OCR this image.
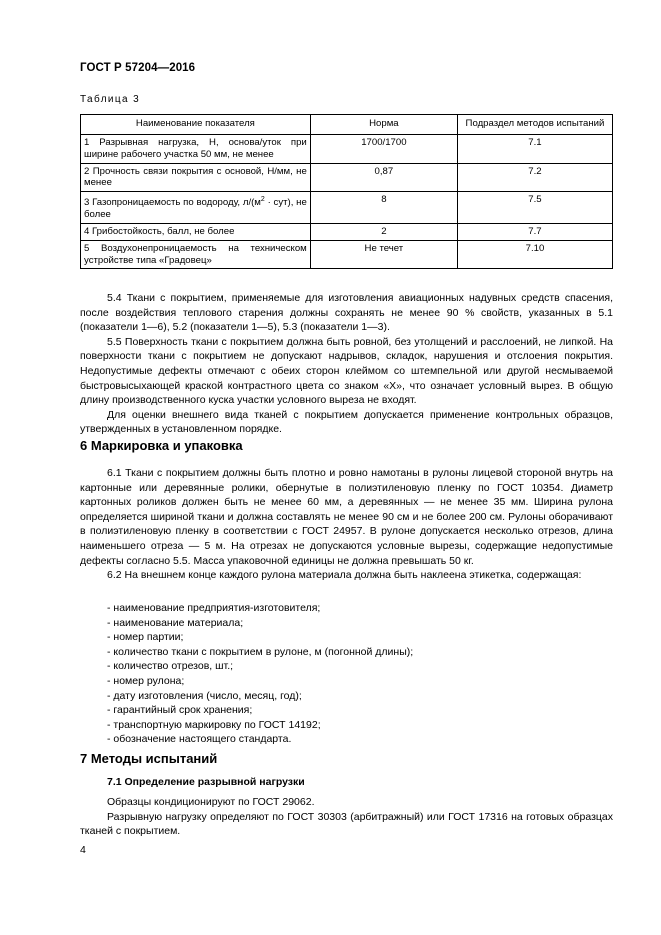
ГОСТ Р 57204—2016
Таблица 3
Наименование показателя	Норма	Подраздел методов испытаний
1 Разрывная нагрузка, Н, основа/уток при ширине рабочего участка 50 мм, не менее	1700/1700	7.1
2 Прочность связи покрытия с основой, Н/мм, не менее	0,87	7.2
3 Газопроницаемость по водороду, $л/(м^2 \cdot сут)$, не более	8	7.5
4 Грибостойкость, балл, не более	2	7.7
5 Воздухонепроницаемость на техническом устройстве типа «Градовец»	Не течет	7.10

5.4 Ткани с покрытием, применяемые для изготовления авиационных надувных средств спасения, после воздействия теплового старения должны сохранять не менее 90 % свойств, указанных в 5.1 (показатели 1—6), 5.2 (показатели 1—5), 5.3 (показатели 1—3).

5.5 Поверхность ткани с покрытием должна быть ровной, без утолщений и расслоений, не липкой. На поверхности ткани с покрытием не допускают надрывов, складок, нарушения и отслоения покрытия. Недопустимые дефекты отмечают с обеих сторон клеймом со штемпельной или другой несмываемой быстровысыхающей краской контрастного цвета со знаком «X», что означает условный вырез. В общую длину производственного куска участки условного выреза не входят.

Для оценки внешнего вида тканей с покрытием допускается применение контрольных образцов, утвержденных в установленном порядке.

6 Маркировка и упаковка

6.1 Ткани с покрытием должны быть плотно и ровно намотаны в рулоны лицевой стороной внутрь на картонные или деревянные ролики, обернутые в полиэтиленовую пленку по ГОСТ 10354. Диаметр картонных роликов должен быть не менее 60 мм, а деревянных — не менее 35 мм. Ширина рулона определяется шириной ткани и должна составлять не менее 90 см и не более 200 см. Рулоны оборачивают в полиэтиленовую пленку в соответствии с ГОСТ 24957. В рулоне допускается несколько отрезов, длина наименьшего отреза — 5 м. На отрезах не допускаются условные вырезы, содержащие недопустимые дефекты согласно 5.5. Масса упаковочной единицы не должна превышать 50 кг.

6.2 На внешнем конце каждого рулона материала должна быть наклеена этикетка, содержащая:

- наименование предприятия-изготовителя;
- наименование материала;
- номер партии;
- количество ткани с покрытием в рулоне, м (погонной длины);
- количество отрезов, шт.;
- номер рулона;
- дату изготовления (число, месяц, год);
- гарантийный срок хранения;
- транспортную маркировку по ГОСТ 14192;
- обозначение настоящего стандарта.
7 Методы испытаний
7.1 Определение разрывной нагрузки

Образцы кондиционируют по ГОСТ 29062.

Разрывную нагрузку определяют по ГОСТ 30303 (арбитражный) или ГОСТ 17316 на готовых образцах тканей с покрытием.

4
